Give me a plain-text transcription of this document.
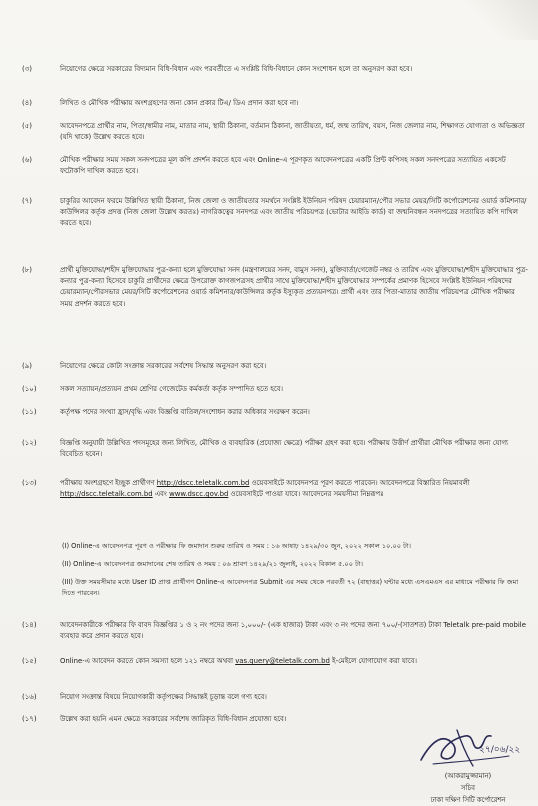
(৩)	নিয়োগের ক্ষেত্রে সরকারের বিদ্যমান বিধি-বিধান এবং পরবর্তীতে এ সংশ্লিষ্ট বিধি-বিধানে কোন সংশোধন হলে তা অনুসরণ করা হবে।
(৪)	লিখিত ও মৌখিক পরীক্ষায় অংশগ্রহণের জন্য কোন প্রকার টিএ/ ডিএ প্রদান করা হবে না।
(৫)	আবেদনপত্রে প্রার্থীর নাম, পিতা/স্বামীর নাম, মাতার নাম, স্থায়ী ঠিকানা, বর্তমান ঠিকানা, জাতীয়তা, ধর্ম, জন্ম তারিখ, বয়স, নিজ জেলার নাম, শিক্ষাগত যোগ্যতা ও অভিজ্ঞতা (যদি থাকে) উল্লেখ করতে হবে।
(৬)	মৌখিক পরীক্ষার সময় সকল সনদপত্রের মূল কপি প্রদর্শন করতে হবে এবং Online-এ পূরণকৃত আবেদনপত্রের একটি প্রিন্ট কপিসহ সকল সনদপত্রের সত্যায়িত একসেট ফটোকপি দাখিল করতে হবে।
(৭)	চাকুরির আবেদন ফরমে উল্লিখিত স্থায়ী ঠিকানা, নিজ জেলা ও জাতীয়তার সমর্থনে সংশ্লিষ্ট ইউনিয়ন পরিষদ চেয়ারম্যান/পৌর সভার মেয়র/সিটি কর্পোরেশনের ওয়ার্ড কমিশনার/কাউন্সিলর কর্তৃক প্রদত্ত (নিজ জেলা উল্লেখ করতঃ) নাগরিকত্বের সনদপত্র এবং জাতীয় পরিচয়পত্র (ভোটার আইডি কার্ড) বা জন্মনিবন্ধন সনদপত্রের সত্যায়িত কপি দাখিল করতে হবে।
(৮)	প্রার্থী মুক্তিযোদ্ধা/শহীদ মুক্তিযোদ্ধার পুত্র-কন্যা হলে মুক্তিযোদ্ধা সনদ (মন্ত্রণালয়ের সনদ, বামুস সনদ), মুক্তিবার্তা/গেজেট নম্বর ও তারিখ এবং মুক্তিযোদ্ধা/শহীদ মুক্তিযোদ্ধার পুত্র-কন্যার পুত্র-কন্যা হিসেবে চাকুরি প্রার্থীদের ক্ষেত্রে উপরোক্ত কাগজপত্রসহ প্রার্থীর সাথে মুক্তিযোদ্ধা/শহীদ মুক্তিযোদ্ধার সম্পর্কের প্রমাণক হিসেবে সংশ্লিষ্ট ইউনিয়ন পরিষদের চেয়ারম্যান/পৌরসভার মেয়র/সিটি কর্পোরেশনের ওয়ার্ড কমিশনার/কাউন্সিলর কর্তৃক ইস্যুকৃত প্রত্যয়নপত্র। প্রার্থী এবং তার পিতা-মাতার জাতীয় পরিচয়পত্র মৌখিক পরীক্ষার সময় প্রদর্শন করতে হবে।
(৯)	নিয়োগের ক্ষেত্রে কোটা সংক্রান্ত সরকারের সর্বশেষ সিদ্ধান্ত অনুসরণ করা হবে।
(১০)	সকল সত্যায়ন/প্রত্যয়ন প্রথম শ্রেণির গেজেটেড কর্মকর্তা কর্তৃক সম্পাদিত হতে হবে।
(১১)	কর্তৃপক্ষ পদের সংখ্যা হ্রাস/বৃদ্ধি এবং বিজ্ঞপ্তি বাতিল/সংশোধন করার অধিকার সংরক্ষণ করেন।
(১২)	বিজ্ঞপ্তি অনুযায়ী উল্লিখিত পদসমূহের জন্য লিখিত, মৌখিক ও ব্যবহারিক (প্রযোজ্য ক্ষেত্রে) পরীক্ষা গ্রহণ করা হবে। পরীক্ষায় উত্তীর্ণ প্রার্থীরা মৌখিক পরীক্ষার জন্য যোগ্য বিবেচিত হবেন।
(১৩)	পরীক্ষায় অংশগ্রহণে ইচ্ছুক প্রার্থীগণ http://dscc.teletalk.com.bd ওয়েবসাইটে আবেদনপত্র পূরণ করতে পারবেন। আবেদনপত্রে বিস্তারিত নিয়মাবলী http://dscc.teletalk.com.bd এবং www.dscc.gov.bd ওয়েবসাইটে পাওয়া যাবে। আবেদনের সময়সীমা নিম্নরূপঃ
(I) Online-এ আবেদনপত্র পূরণ ও পরীক্ষার ফি জমাদান শুরুর তারিখ ও সময় : ১৬ আষাঢ় ১৪২৯/৩০ জুন, ২০২২ সকাল ১০.০০ টা।
(II) Online-এ আবেদনপত্র জমাদানের শেষ তারিখ ও সময় : ০৬ শ্রাবণ ১৪২৯/২১ জুলাই, ২০২২ বিকাল ৫.০০ টা।
(III) উক্ত সময়সীমার মধ্যে User ID প্রাপ্ত প্রার্থীগণ Online-এ আবেদনপত্র Submit এর সময় থেকে পরবর্তী ৭২ (বাহাত্তর) ঘন্টার মধ্যে এসএমএস এর মাধ্যমে পরীক্ষার ফি জমা দিতে পারবেন।
(১৪)	আবেদনকারীকে পরীক্ষার ফি বাবদ বিজ্ঞপ্তির ১ ও ২ নং পদের জন্য ১,০০০/- (এক হাজার) টাকা এবং ৩ নং পদের জন্য ৭০০/-(সাতশত) টাকা Teletalk pre-paid mobile ব্যবহার করে প্রদান করতে হবে।
(১৫)	Online-এ আবেদন করতে কোন সমস্যা হলে ১২১ নম্বরে অথবা vas.query@teletalk.com.bd ই-মেইলে যোগাযোগ করা যাবে।
(১৬)	নিয়োগ সংক্রান্ত বিষয়ে নিয়োগকারী কর্তৃপক্ষের সিদ্ধান্তই চূড়ান্ত বলে গণ্য হবে।
(১৭)	উল্লেখ করা হয়নি এমন ক্ষেত্রে সরকারের সর্বশেষ জারিকৃত বিধি-বিধান প্রযোজ্য হবে।
২৭/০৬/২২
(আকরামুজ্জামান)
সচিব
ঢাকা দক্ষিণ সিটি কর্পোরেশন
